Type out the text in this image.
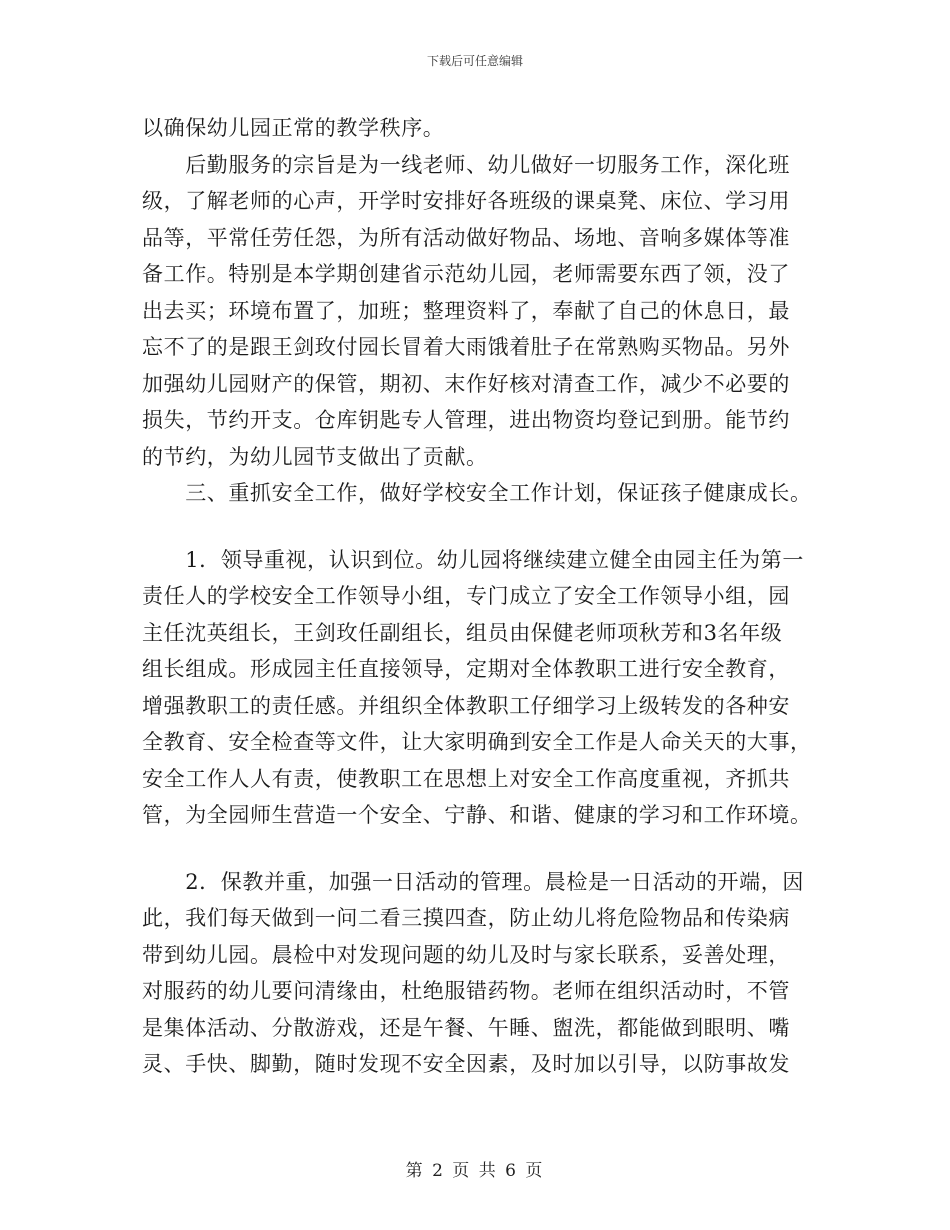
下载后可任意编辑
以确保幼儿园正常的教学秩序。
　　后勤服务的宗旨是为一线老师、幼儿做好一切服务工作，深化班
级，了解老师的心声，开学时安排好各班级的课桌凳、床位、学习用
品等，平常任劳任怨，为所有活动做好物品、场地、音响多媒体等准
备工作。特别是本学期创建省示范幼儿园，老师需要东西了领，没了
出去买；环境布置了，加班；整理资料了，奉献了自己的休息日，最
忘不了的是跟王剑玫付园长冒着大雨饿着肚子在常熟购买物品。另外
加强幼儿园财产的保管，期初、末作好核对清查工作，减少不必要的
损失，节约开支。仓库钥匙专人管理，进出物资均登记到册。能节约
的节约，为幼儿园节支做出了贡献。
　　三、重抓安全工作，做好学校安全工作计划，保证孩子健康成长。
　　1．领导重视，认识到位。幼儿园将继续建立健全由园主任为第一
责任人的学校安全工作领导小组，专门成立了安全工作领导小组，园
主任沈英组长，王剑玫任副组长，组员由保健老师项秋芳和3名年级
组长组成。形成园主任直接领导，定期对全体教职工进行安全教育，
增强教职工的责任感。并组织全体教职工仔细学习上级转发的各种安
全教育、安全检查等文件，让大家明确到安全工作是人命关天的大事，
安全工作人人有责，使教职工在思想上对安全工作高度重视，齐抓共
管，为全园师生营造一个安全、宁静、和谐、健康的学习和工作环境。
　　2．保教并重，加强一日活动的管理。晨检是一日活动的开端，因
此，我们每天做到一问二看三摸四查，防止幼儿将危险物品和传染病
带到幼儿园。晨检中对发现问题的幼儿及时与家长联系，妥善处理，
对服药的幼儿要问清缘由，杜绝服错药物。老师在组织活动时，不管
是集体活动、分散游戏，还是午餐、午睡、盥洗，都能做到眼明、嘴
灵、手快、脚勤，随时发现不安全因素，及时加以引导，以防事故发
第 2 页 共 6 页
